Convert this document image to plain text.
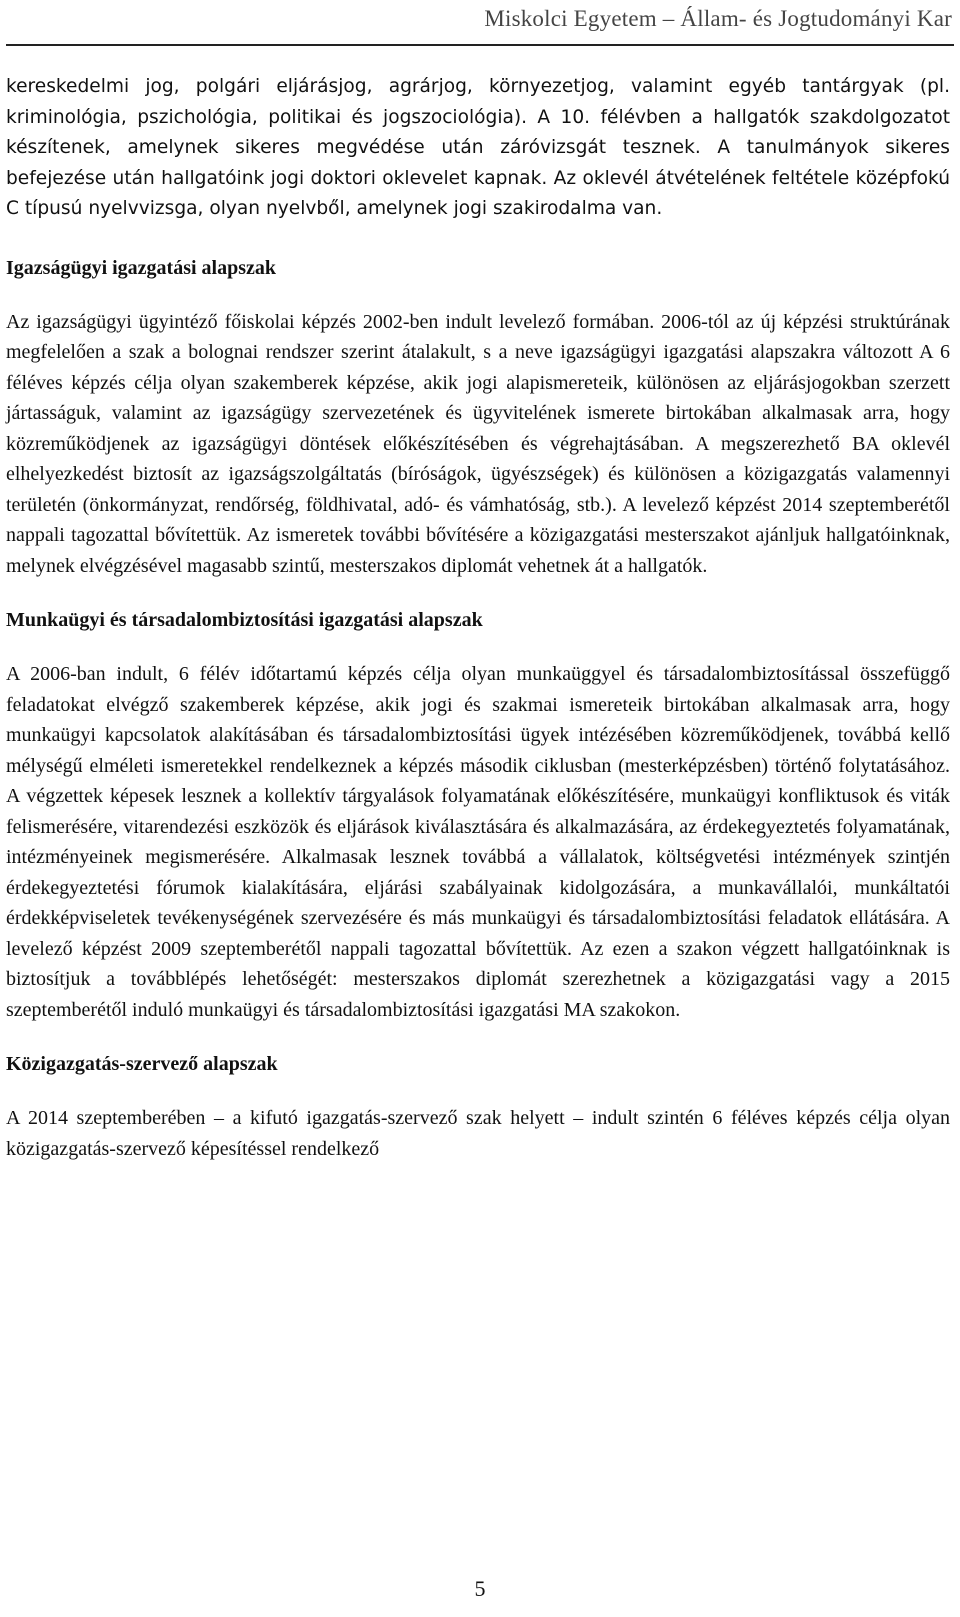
Miskolci Egyetem – Állam- és Jogtudományi Kar

kereskedelmi jog, polgári eljárásjog, agrárjog, környezetjog, valamint egyéb tantárgyak (pl. kriminológia, pszichológia, politikai és jogszociológia). A 10. félévben a hallgatók szakdolgozatot készítenek, amelynek sikeres megvédése után záróvizsgát tesznek. A tanulmányok sikeres befejezése után hallgatóink jogi doktori oklevelet kapnak. Az oklevél átvételének feltétele középfokú C típusú nyelvvizsga, olyan nyelvből, amelynek jogi szakirodalma van.

Igazságügyi igazgatási alapszak

Az igazságügyi ügyintéző főiskolai képzés 2002-ben indult levelező formában. 2006-tól az új képzési struktúrának megfelelően a szak a bolognai rendszer szerint átalakult, s a neve igazságügyi igazgatási alapszakra változott A 6 féléves képzés célja olyan szakemberek képzése, akik jogi alapismereteik, különösen az eljárásjogokban szerzett jártasságuk, valamint az igazságügy szervezetének és ügyvitelének ismerete birtokában alkalmasak arra, hogy közreműködjenek az igazságügyi döntések előkészítésében és végrehajtásában. A megszerezhető BA oklevél elhelyezkedést biztosít az igazságszolgáltatás (bíróságok, ügyészségek) és különösen a közigazgatás valamennyi területén (önkormányzat, rendőrség, földhivatal, adó- és vámhatóság, stb.). A levelező képzést 2014 szeptemberétől nappali tagozattal bővítettük. Az ismeretek további bővítésére a közigazgatási mesterszakot ajánljuk hallgatóinknak, melynek elvégzésével magasabb szintű, mesterszakos diplomát vehetnek át a hallgatók.

Munkaügyi és társadalombiztosítási igazgatási alapszak

A 2006-ban indult, 6 félév időtartamú képzés célja olyan munkaüggyel és társadalombiztosítással összefüggő feladatokat elvégző szakemberek képzése, akik jogi és szakmai ismereteik birtokában alkalmasak arra, hogy munkaügyi kapcsolatok alakításában és társadalombiztosítási ügyek intézésében közreműködjenek, továbbá kellő mélységű elméleti ismeretekkel rendelkeznek a képzés második ciklusban (mesterképzésben) történő folytatásához. A végzettek képesek lesznek a kollektív tárgyalások folyamatának előkészítésére, munkaügyi konfliktusok és viták felismerésére, vitarendezési eszközök és eljárások kiválasztására és alkalmazására, az érdekegyeztetés folyamatának, intézményeinek megismerésére. Alkalmasak lesznek továbbá a vállalatok, költségvetési intézmények szintjén érdekegyeztetési fórumok kialakítására, eljárási szabályainak kidolgozására, a munkavállalói, munkáltatói érdekképviseletek tevékenységének szervezésére és más munkaügyi és társadalombiztosítási feladatok ellátására. A levelező képzést 2009 szeptemberétől nappali tagozattal bővítettük. Az ezen a szakon végzett hallgatóinknak is biztosítjuk a továbblépés lehetőségét: mesterszakos diplomát szerezhetnek a közigazgatási vagy a 2015 szeptemberétől induló munkaügyi és társadalombiztosítási igazgatási MA szakokon.

Közigazgatás-szervező alapszak

A 2014 szeptemberében – a kifutó igazgatás-szervező szak helyett – indult szintén 6 féléves képzés célja olyan közigazgatás-szervező képesítéssel rendelkező

5
